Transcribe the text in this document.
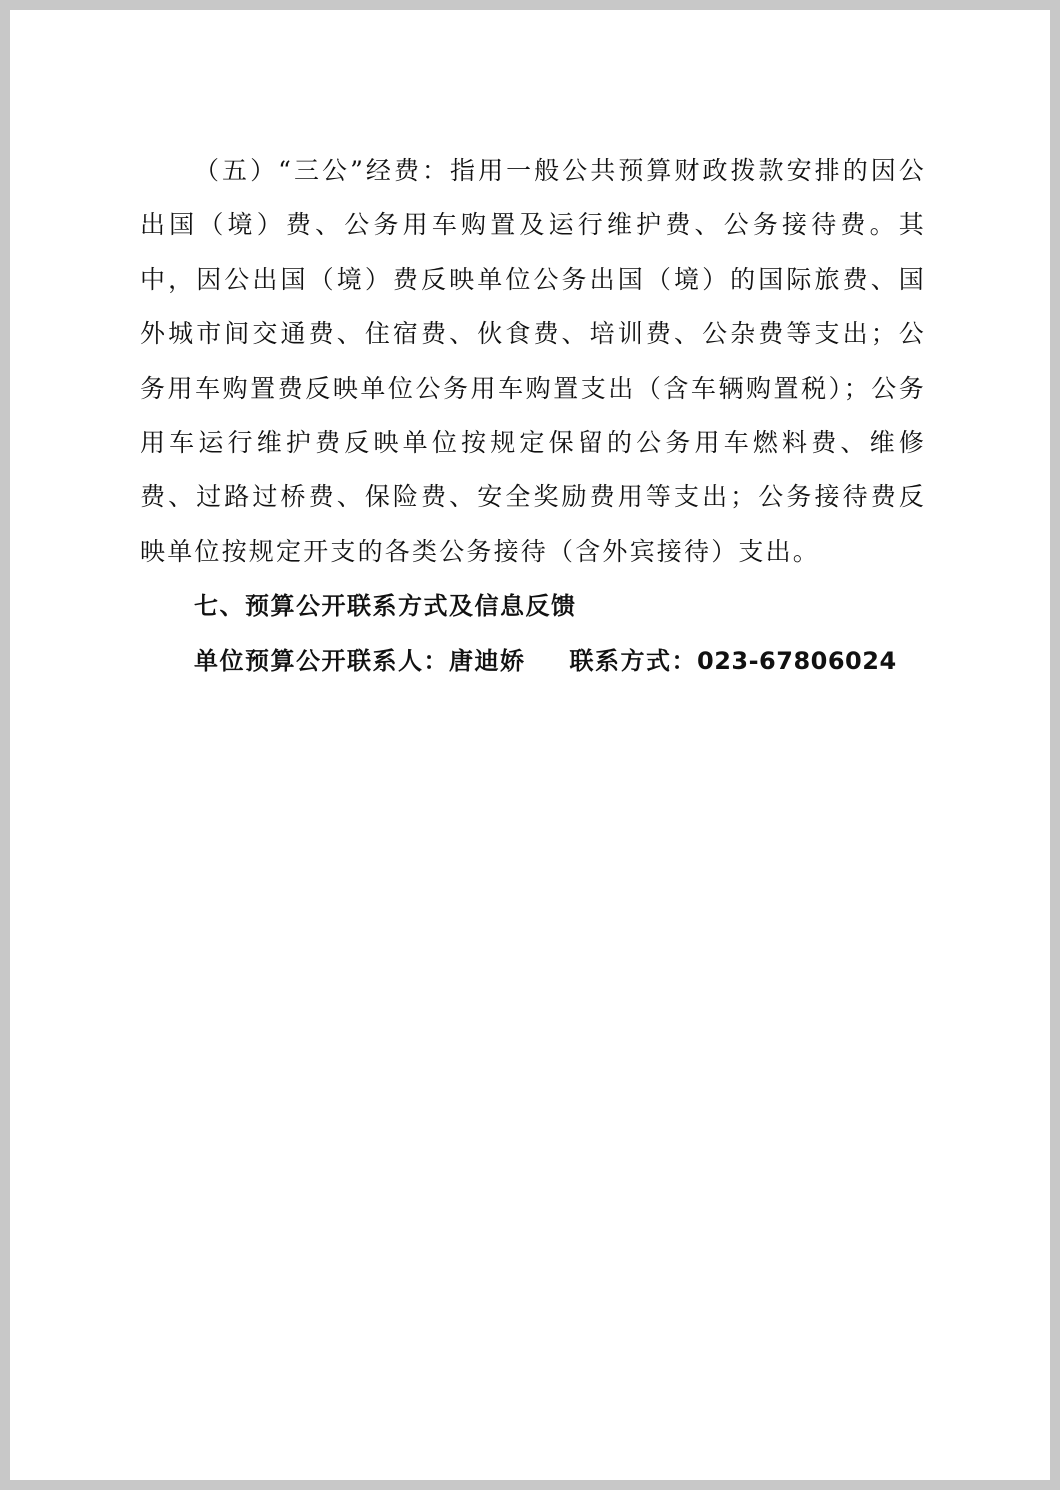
（五）“三公”经费：指用一般公共预算财政拨款安排的因公出国（境）费、公务用车购置及运行维护费、公务接待费。其中，因公出国（境）费反映单位公务出国（境）的国际旅费、国外城市间交通费、住宿费、伙食费、培训费、公杂费等支出；公务用车购置费反映单位公务用车购置支出（含车辆购置税）；公务用车运行维护费反映单位按规定保留的公务用车燃料费、维修费、过路过桥费、保险费、安全奖励费用等支出；公务接待费反映单位按规定开支的各类公务接待（含外宾接待）支出。

七、预算公开联系方式及信息反馈

单位预算公开联系人：唐迪娇 联系方式：023-67806024
